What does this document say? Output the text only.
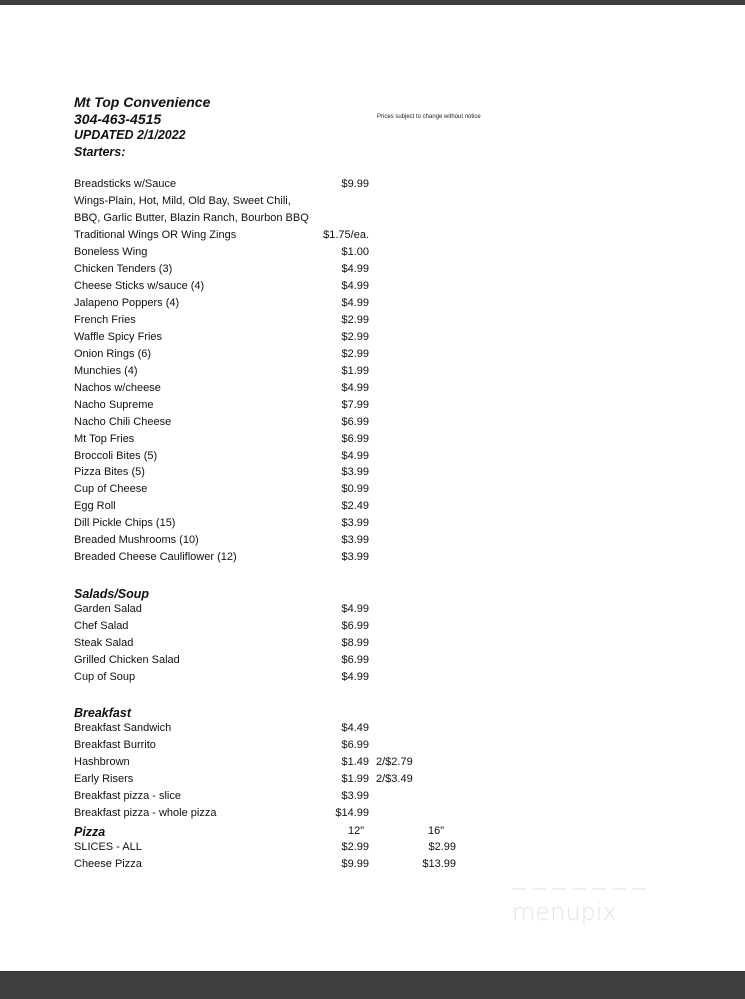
Mt Top Convenience
304-463-4515
UPDATED 2/1/2022
Starters:
Prices subject to change without notice
Breadsticks w/Sauce	$9.99
Wings-Plain, Hot, Mild, Old Bay, Sweet Chili,
BBQ, Garlic Butter, Blazin Ranch, Bourbon BBQ
Traditional Wings OR Wing Zings	$1.75/ea.
Boneless Wing	$1.00
Chicken Tenders (3)	$4.99
Cheese Sticks w/sauce (4)	$4.99
Jalapeno Poppers (4)	$4.99
French Fries	$2.99
Waffle Spicy Fries	$2.99
Onion Rings (6)	$2.99
Munchies (4)	$1.99
Nachos w/cheese	$4.99
Nacho Supreme	$7.99
Nacho Chili Cheese	$6.99
Mt Top Fries	$6.99
Broccoli Bites (5)	$4.99
Pizza Bites (5)	$3.99
Cup of Cheese	$0.99
Egg Roll	$2.49
Dill Pickle Chips (15)	$3.99
Breaded Mushrooms (10)	$3.99
Breaded Cheese Cauliflower (12)	$3.99
Salads/Soup
Garden Salad	$4.99
Chef Salad	$6.99
Steak Salad	$8.99
Grilled Chicken Salad	$6.99
Cup of Soup	$4.99
Breakfast
Breakfast Sandwich	$4.49
Breakfast Burrito	$6.99
Hashbrown	$1.49 2/$2.79
Early Risers	$1.99 2/$3.49
Breakfast pizza - slice	$3.99
Breakfast pizza - whole pizza	$14.99
Pizza	12"	16"
SLICES - ALL	$2.99	$2.99
Cheese Pizza	$9.99	$13.99
menupix
